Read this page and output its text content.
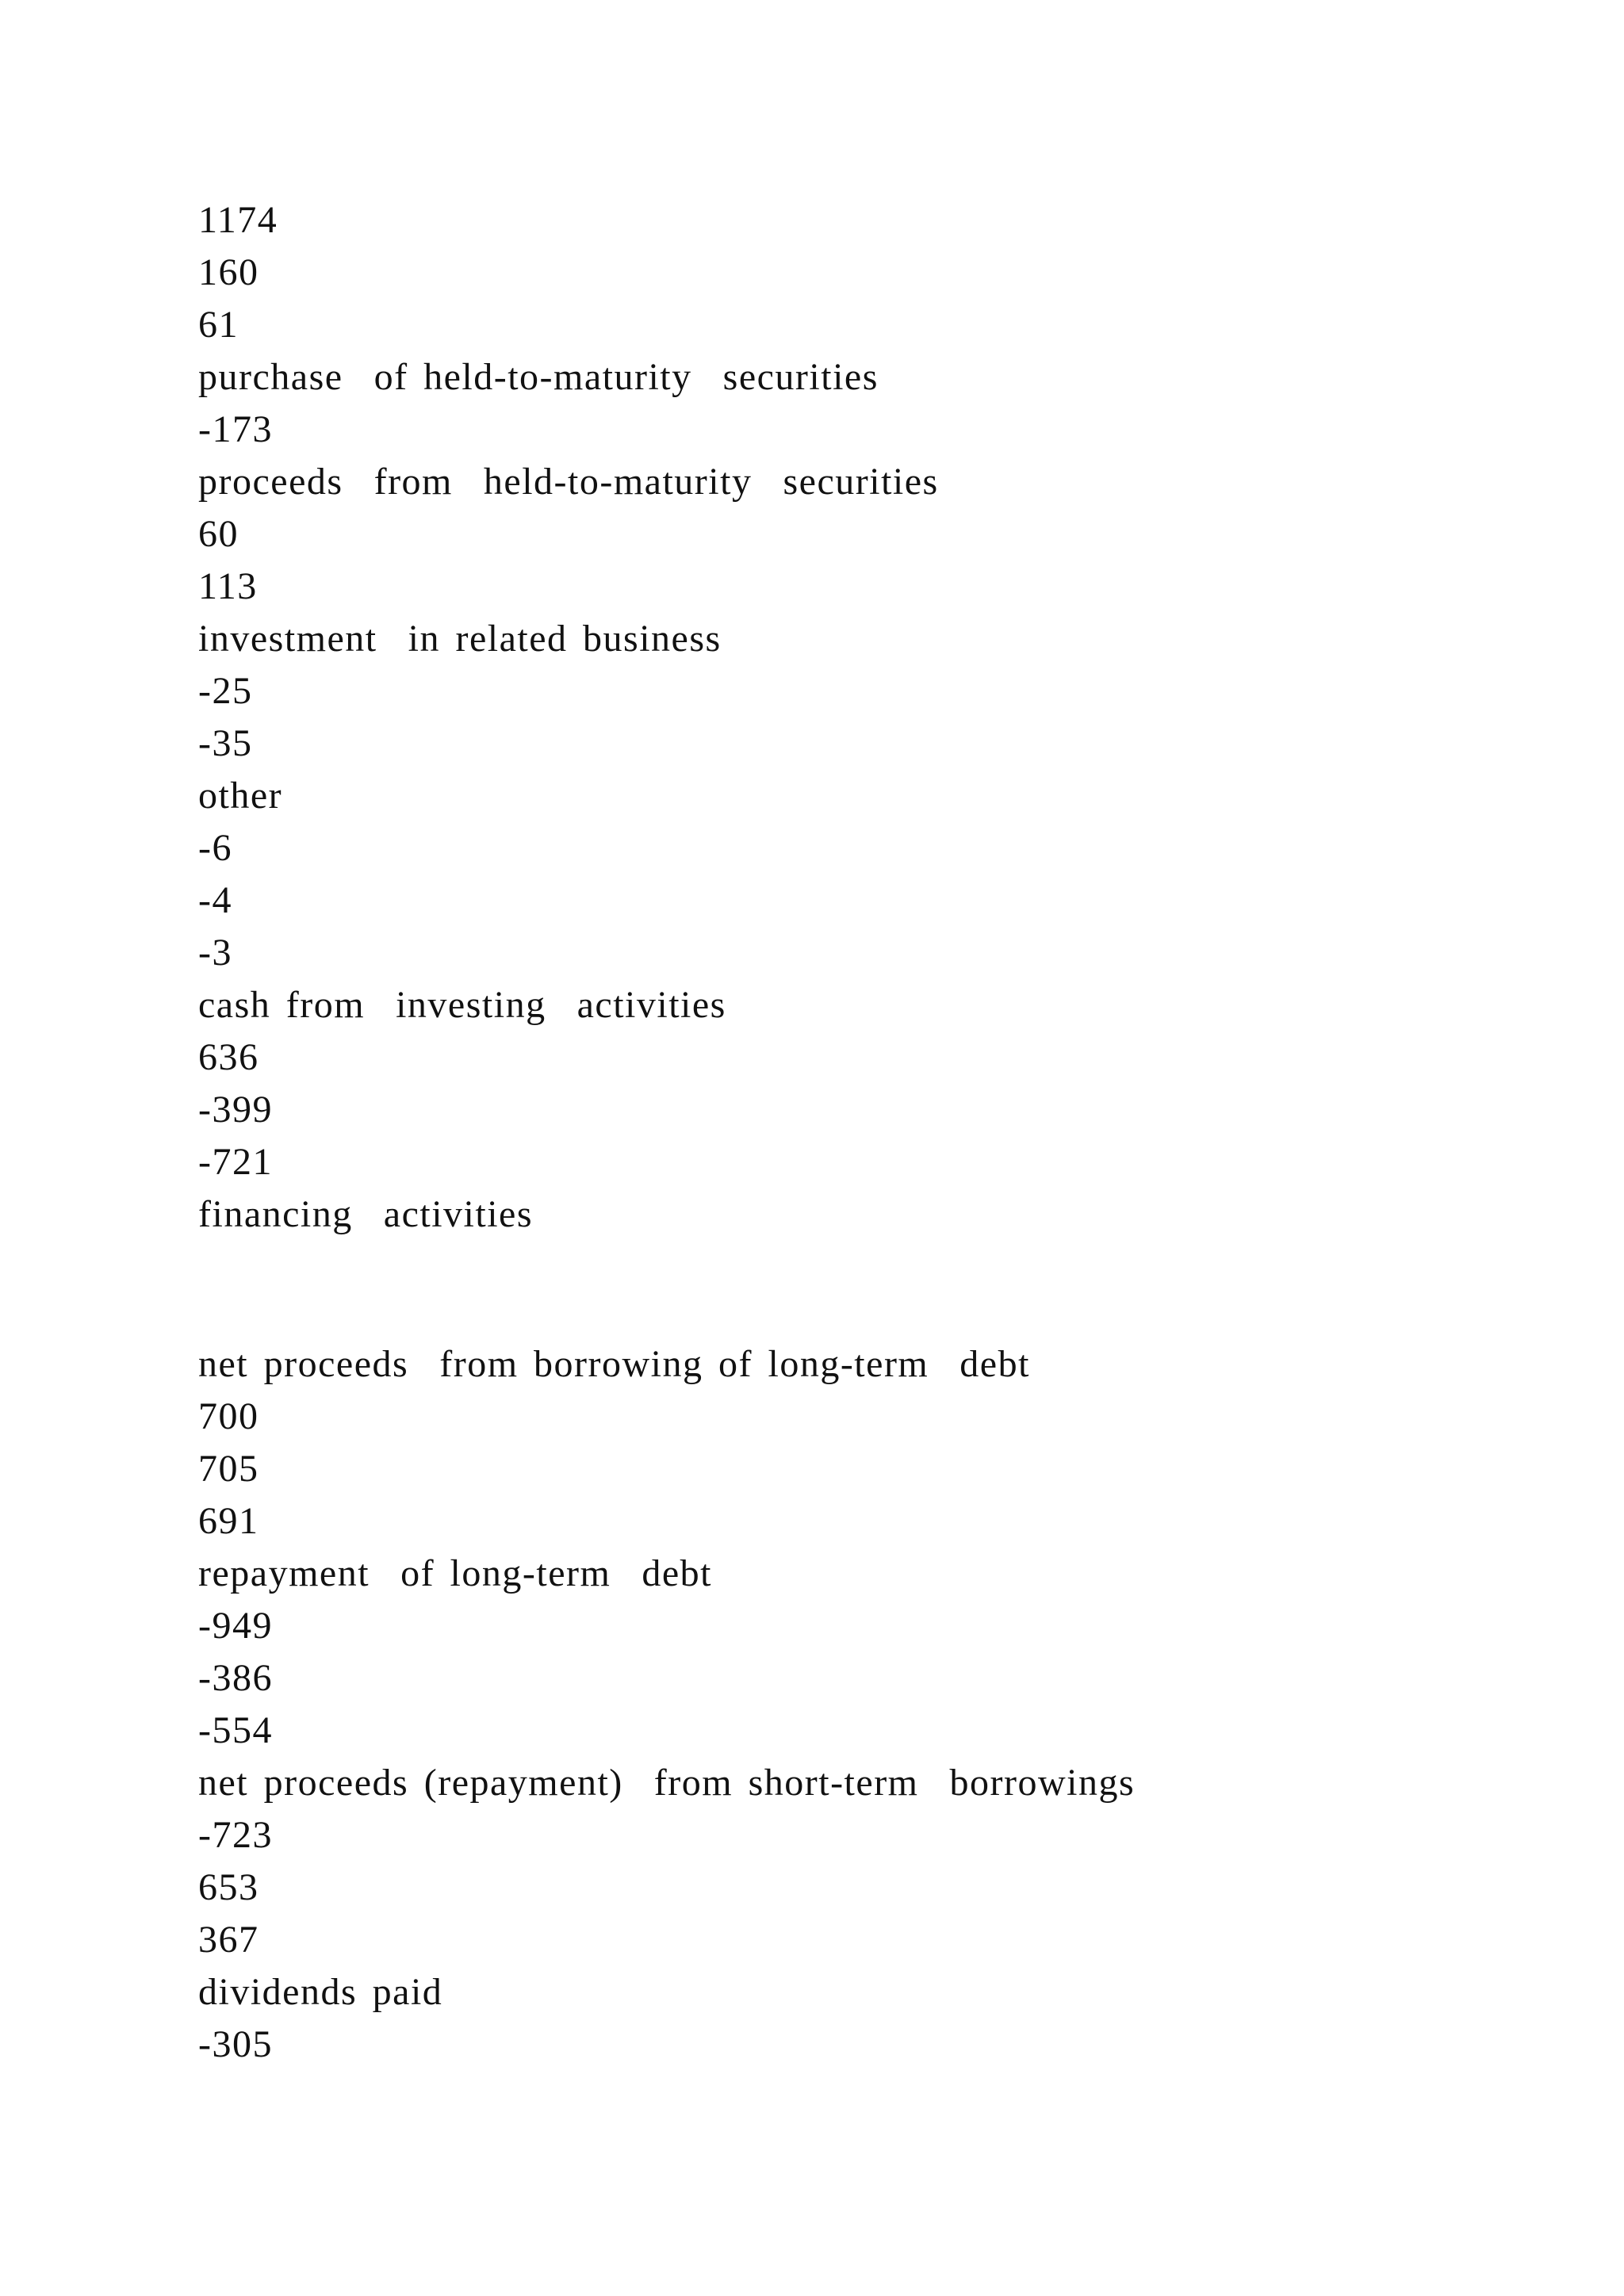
1174
160
61
purchase  of held-to-maturity  securities
-173
proceeds  from  held-to-maturity  securities
60
113
investment  in related business
-25
-35
other
-6
-4
-3
cash from  investing  activities
636
-399
-721
financing  activities
net proceeds  from borrowing of long-term  debt
700
705
691
repayment  of long-term  debt
-949
-386
-554
net proceeds (repayment)  from short-term  borrowings
-723
653
367
dividends paid
-305
